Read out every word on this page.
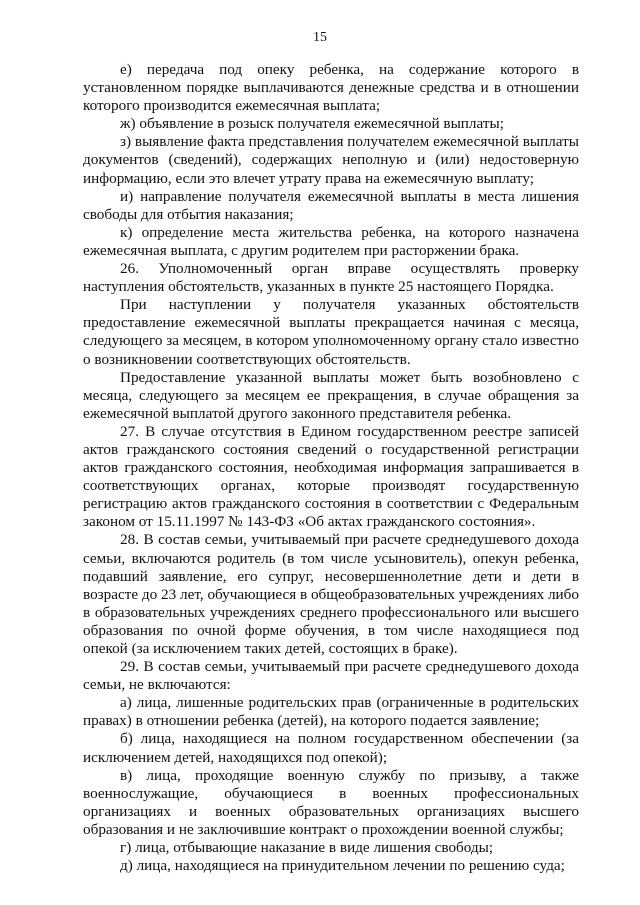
15

е) передача под опеку ребенка, на содержание которого в установленном порядке выплачиваются денежные средства и в отношении которого производится ежемесячная выплата;

ж) объявление в розыск получателя ежемесячной выплаты;

з) выявление факта представления получателем ежемесячной выплаты документов (сведений), содержащих неполную и (или) недостоверную информацию, если это влечет утрату права на ежемесячную выплату;

и) направление получателя ежемесячной выплаты в места лишения свободы для отбытия наказания;

к) определение места жительства ребенка, на которого назначена ежемесячная выплата, с другим родителем при расторжении брака.

26. Уполномоченный орган вправе осуществлять проверку наступления обстоятельств, указанных в пункте 25 настоящего Порядка.

При наступлении у получателя указанных обстоятельств предоставление ежемесячной выплаты прекращается начиная с месяца, следующего за месяцем, в котором уполномоченному органу стало известно о возникновении соответствующих обстоятельств.

Предоставление указанной выплаты может быть возобновлено с месяца, следующего за месяцем ее прекращения, в случае обращения за ежемесячной выплатой другого законного представителя ребенка.

27. В случае отсутствия в Едином государственном реестре записей актов гражданского состояния сведений о государственной регистрации актов гражданского состояния, необходимая информация запрашивается в соответствующих органах, которые производят государственную регистрацию актов гражданского состояния в соответствии с Федеральным законом от 15.11.1997 № 143-ФЗ «Об актах гражданского состояния».

28. В состав семьи, учитываемый при расчете среднедушевого дохода семьи, включаются родитель (в том числе усыновитель), опекун ребенка, подавший заявление, его супруг, несовершеннолетние дети и дети в возрасте до 23 лет, обучающиеся в общеобразовательных учреждениях либо в образовательных учреждениях среднего профессионального или высшего образования по очной форме обучения, в том числе находящиеся под опекой (за исключением таких детей, состоящих в браке).

29. В состав семьи, учитываемый при расчете среднедушевого дохода семьи, не включаются:

а) лица, лишенные родительских прав (ограниченные в родительских правах) в отношении ребенка (детей), на которого подается заявление;

б) лица, находящиеся на полном государственном обеспечении (за исключением детей, находящихся под опекой);

в) лица, проходящие военную службу по призыву, а также военнослужащие, обучающиеся в военных профессиональных организациях и военных образовательных организациях высшего образования и не заключившие контракт о прохождении военной службы;

г) лица, отбывающие наказание в виде лишения свободы;

д) лица, находящиеся на принудительном лечении по решению суда;
